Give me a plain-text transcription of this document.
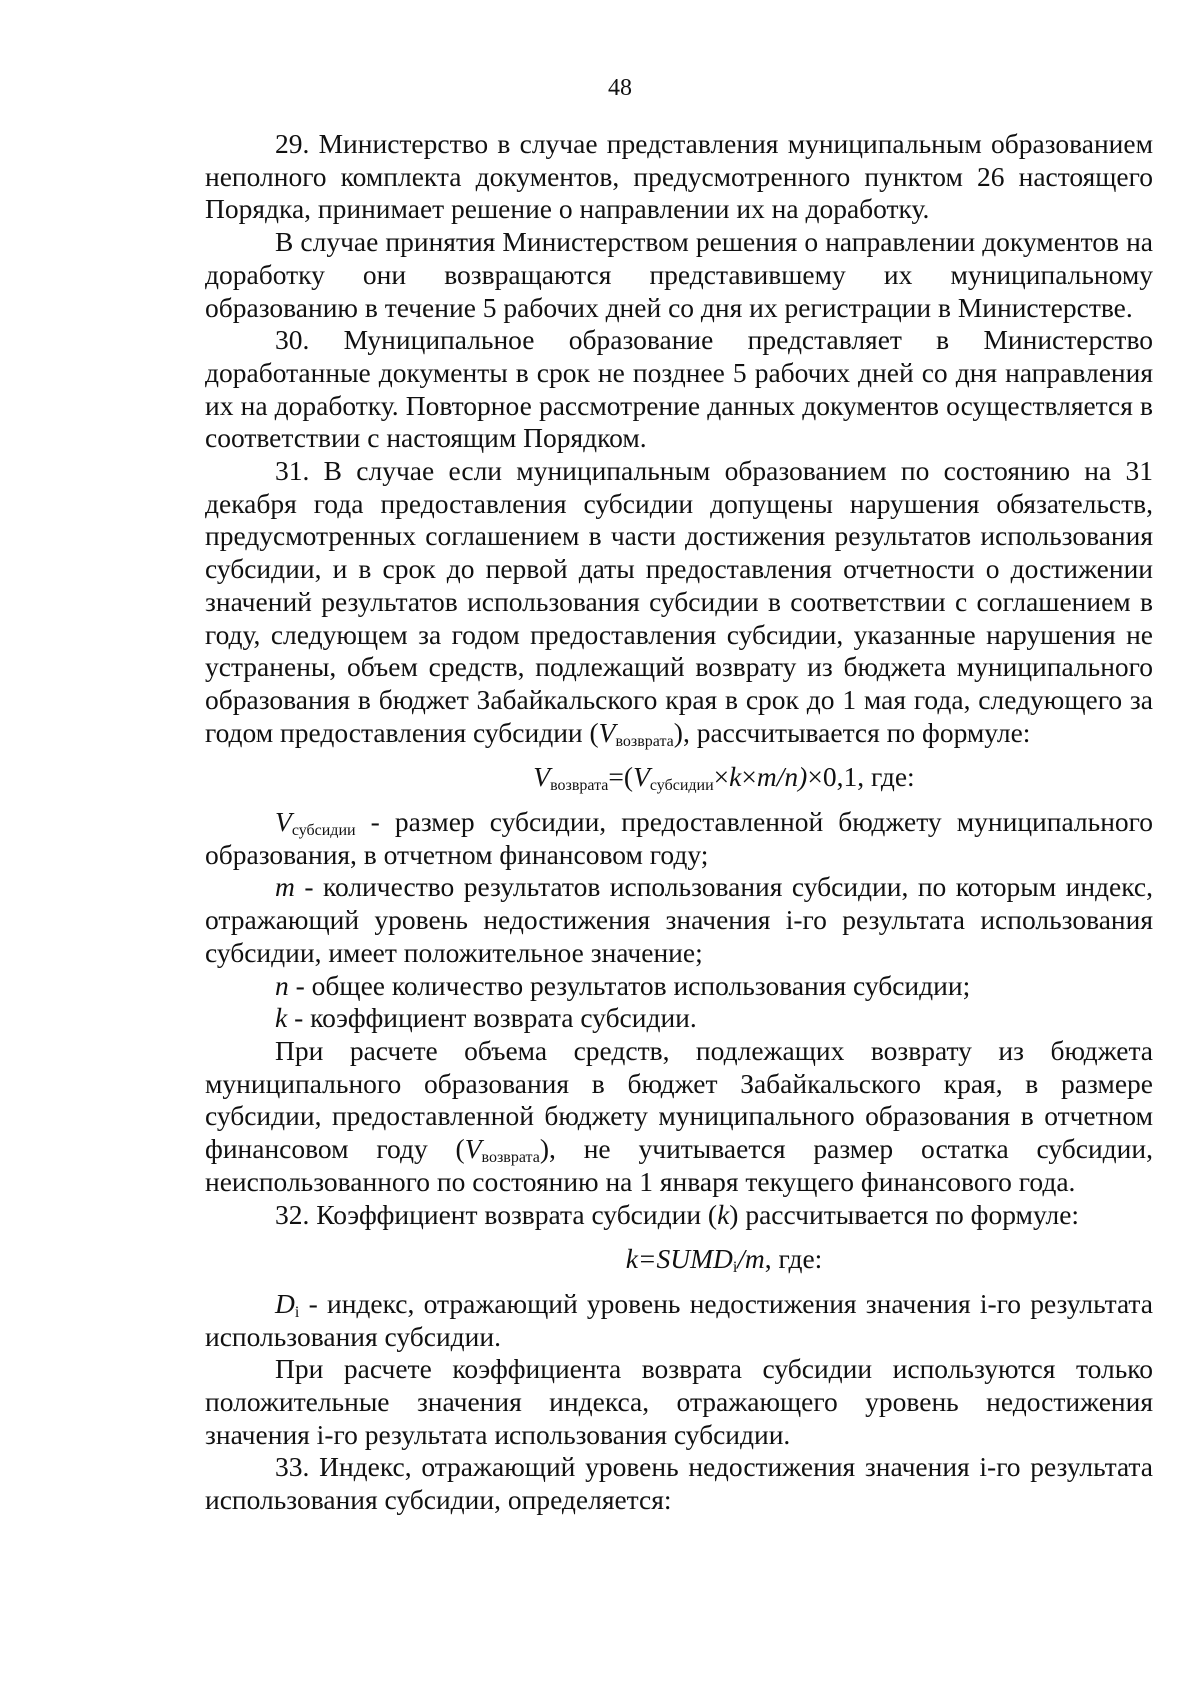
48

29. Министерство в случае представления муниципальным образованием неполного комплекта документов, предусмотренного пунктом 26 настоящего Порядка, принимает решение о направлении их на доработку.

В случае принятия Министерством решения о направлении документов на доработку они возвращаются представившему их муниципальному образованию в течение 5 рабочих дней со дня их регистрации в Министерстве.

30. Муниципальное образование представляет в Министерство доработанные документы в срок не позднее 5 рабочих дней со дня направления их на доработку. Повторное рассмотрение данных документов осуществляется в соответствии с настоящим Порядком.

31. В случае если муниципальным образованием по состоянию на 31 декабря года предоставления субсидии допущены нарушения обязательств, предусмотренных соглашением в части достижения результатов использования субсидии, и в срок до первой даты предоставления отчетности о достижении значений результатов использования субсидии в соответствии с соглашением в году, следующем за годом предоставления субсидии, указанные нарушения не устранены, объем средств, подлежащий возврату из бюджета муниципального образования в бюджет Забайкальского края в срок до 1 мая года, следующего за годом предоставления субсидии $(V_{возврата})$, рассчитывается по формуле:

$V_{возврата}=(V_{субсидии}\times k\times m/n)\times 0,1$, где:

$V_{субсидии}$ - размер субсидии, предоставленной бюджету муниципального образования, в отчетном финансовом году;

m - количество результатов использования субсидии, по которым индекс, отражающий уровень недостижения значения i-го результата использования субсидии, имеет положительное значение;

n - общее количество результатов использования субсидии;

k - коэффициент возврата субсидии.

При расчете объема средств, подлежащих возврату из бюджета муниципального образования в бюджет Забайкальского края, в размере субсидии, предоставленной бюджету муниципального образования в отчетном финансовом году $(V_{возврата})$, не учитывается размер остатка субсидии, неиспользованного по состоянию на 1 января текущего финансового года.

32. Коэффициент возврата субсидии (k) рассчитывается по формуле:

$k=SUMD_i/m$, где:

$D_i$ - индекс, отражающий уровень недостижения значения i-го результата использования субсидии.

При расчете коэффициента возврата субсидии используются только положительные значения индекса, отражающего уровень недостижения значения i-го результата использования субсидии.

33. Индекс, отражающий уровень недостижения значения i-го результата использования субсидии, определяется:
